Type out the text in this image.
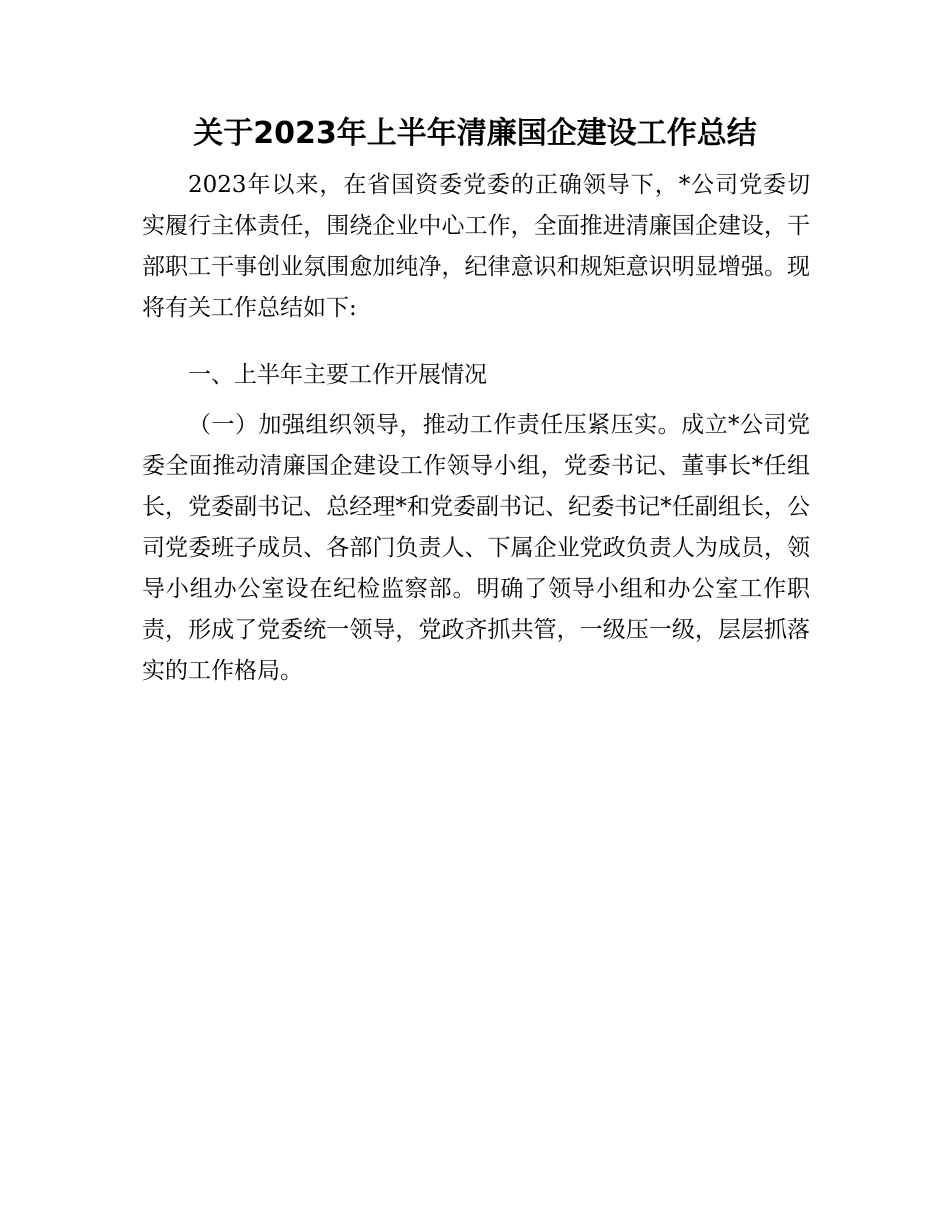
关于2023年上半年清廉国企建设工作总结

2023年以来，在省国资委党委的正确领导下，*公司党委切实履行主体责任，围绕企业中心工作，全面推进清廉国企建设，干部职工干事创业氛围愈加纯净，纪律意识和规矩意识明显增强。现将有关工作总结如下:

一、上半年主要工作开展情况

（一）加强组织领导，推动工作责任压紧压实。成立*公司党委全面推动清廉国企建设工作领导小组，党委书记、董事长*任组长，党委副书记、总经理*和党委副书记、纪委书记*任副组长，公司党委班子成员、各部门负责人、下属企业党政负责人为成员，领导小组办公室设在纪检监察部。明确了领导小组和办公室工作职责，形成了党委统一领导，党政齐抓共管，一级压一级，层层抓落实的工作格局。
